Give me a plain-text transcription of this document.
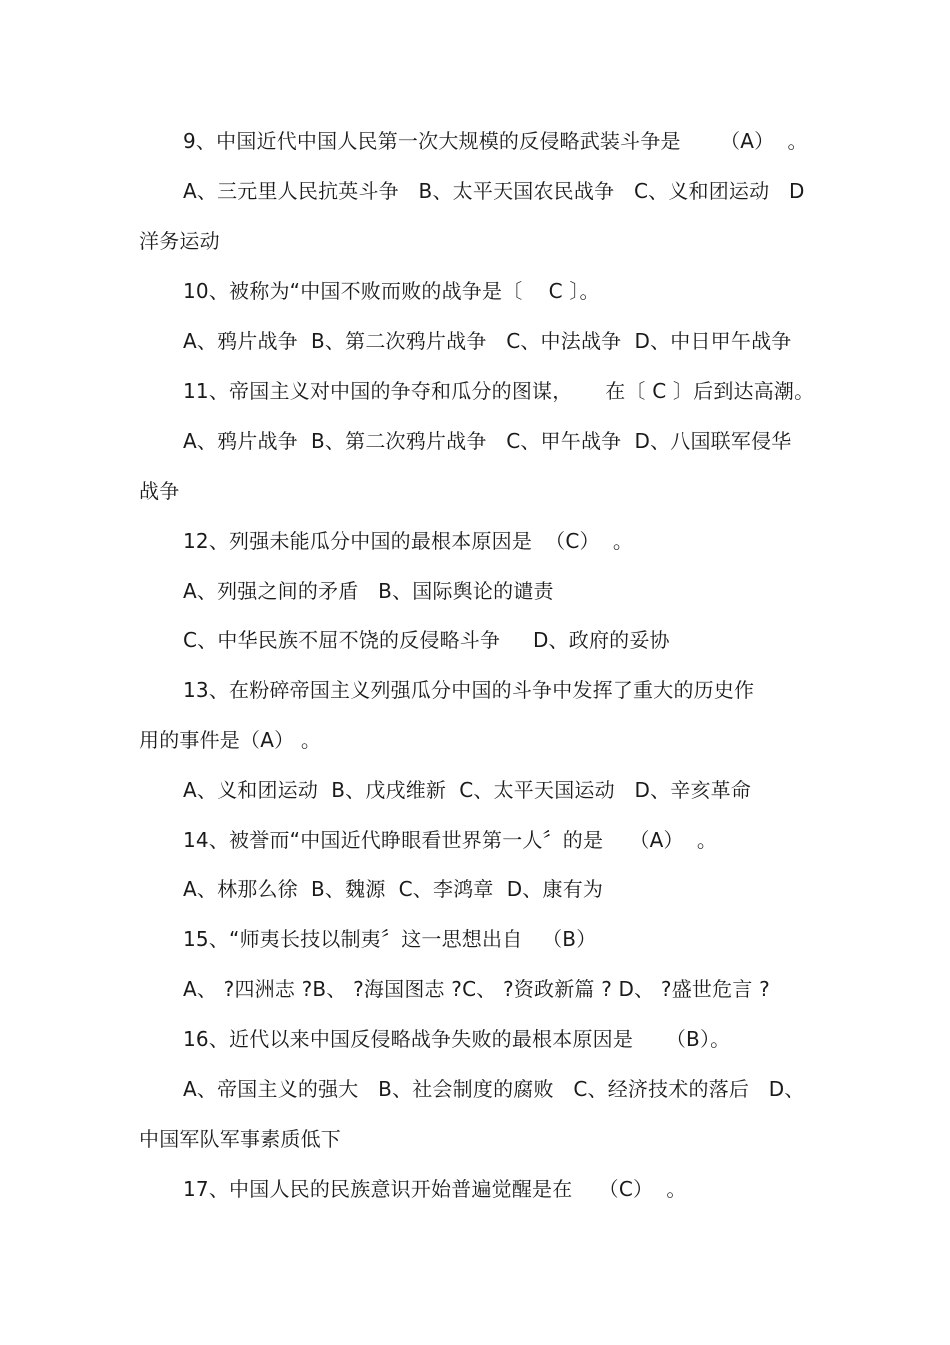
9、中国近代中国人民第一次大规模的反侵略武装斗争是      （A）  。
A、三元里人民抗英斗争   B、太平天国农民战争   C、义和团运动   D
洋务运动
10、被称为“中国不败而败的战争是〔    C 〕。
A、鸦片战争  B、第二次鸦片战争   C、中法战争  D、中日甲午战争
11、帝国主义对中国的争夺和瓜分的图谋，     在〔 C 〕后到达高潮。
A、鸦片战争  B、第二次鸦片战争   C、甲午战争  D、八国联军侵华
战争
12、列强未能瓜分中国的最根本原因是  （C）  。
A、列强之间的矛盾   B、国际舆论的谴责
C、中华民族不屈不饶的反侵略斗争     D、政府的妥协
13、在粉碎帝国主义列强瓜分中国的斗争中发挥了重大的历史作
用的事件是（A） 。
A、义和团运动  B、戊戌维新  C、太平天国运动   D、辛亥革命
14、被誉而“中国近代睁眼看世界第一人〞的是    （A）  。
A、林那么徐  B、魏源  C、李鸿章  D、康有为
15、“师夷长技以制夷〞这一思想出自   （B）
A、 ?四洲志 ?B、 ?海国图志 ?C、 ?资政新篇 ? D、 ?盛世危言 ?
16、近代以来中国反侵略战争失败的最根本原因是     （B）。
A、帝国主义的强大   B、社会制度的腐败   C、经济技术的落后   D、
中国军队军事素质低下
17、中国人民的民族意识开始普遍觉醒是在    （C）  。
